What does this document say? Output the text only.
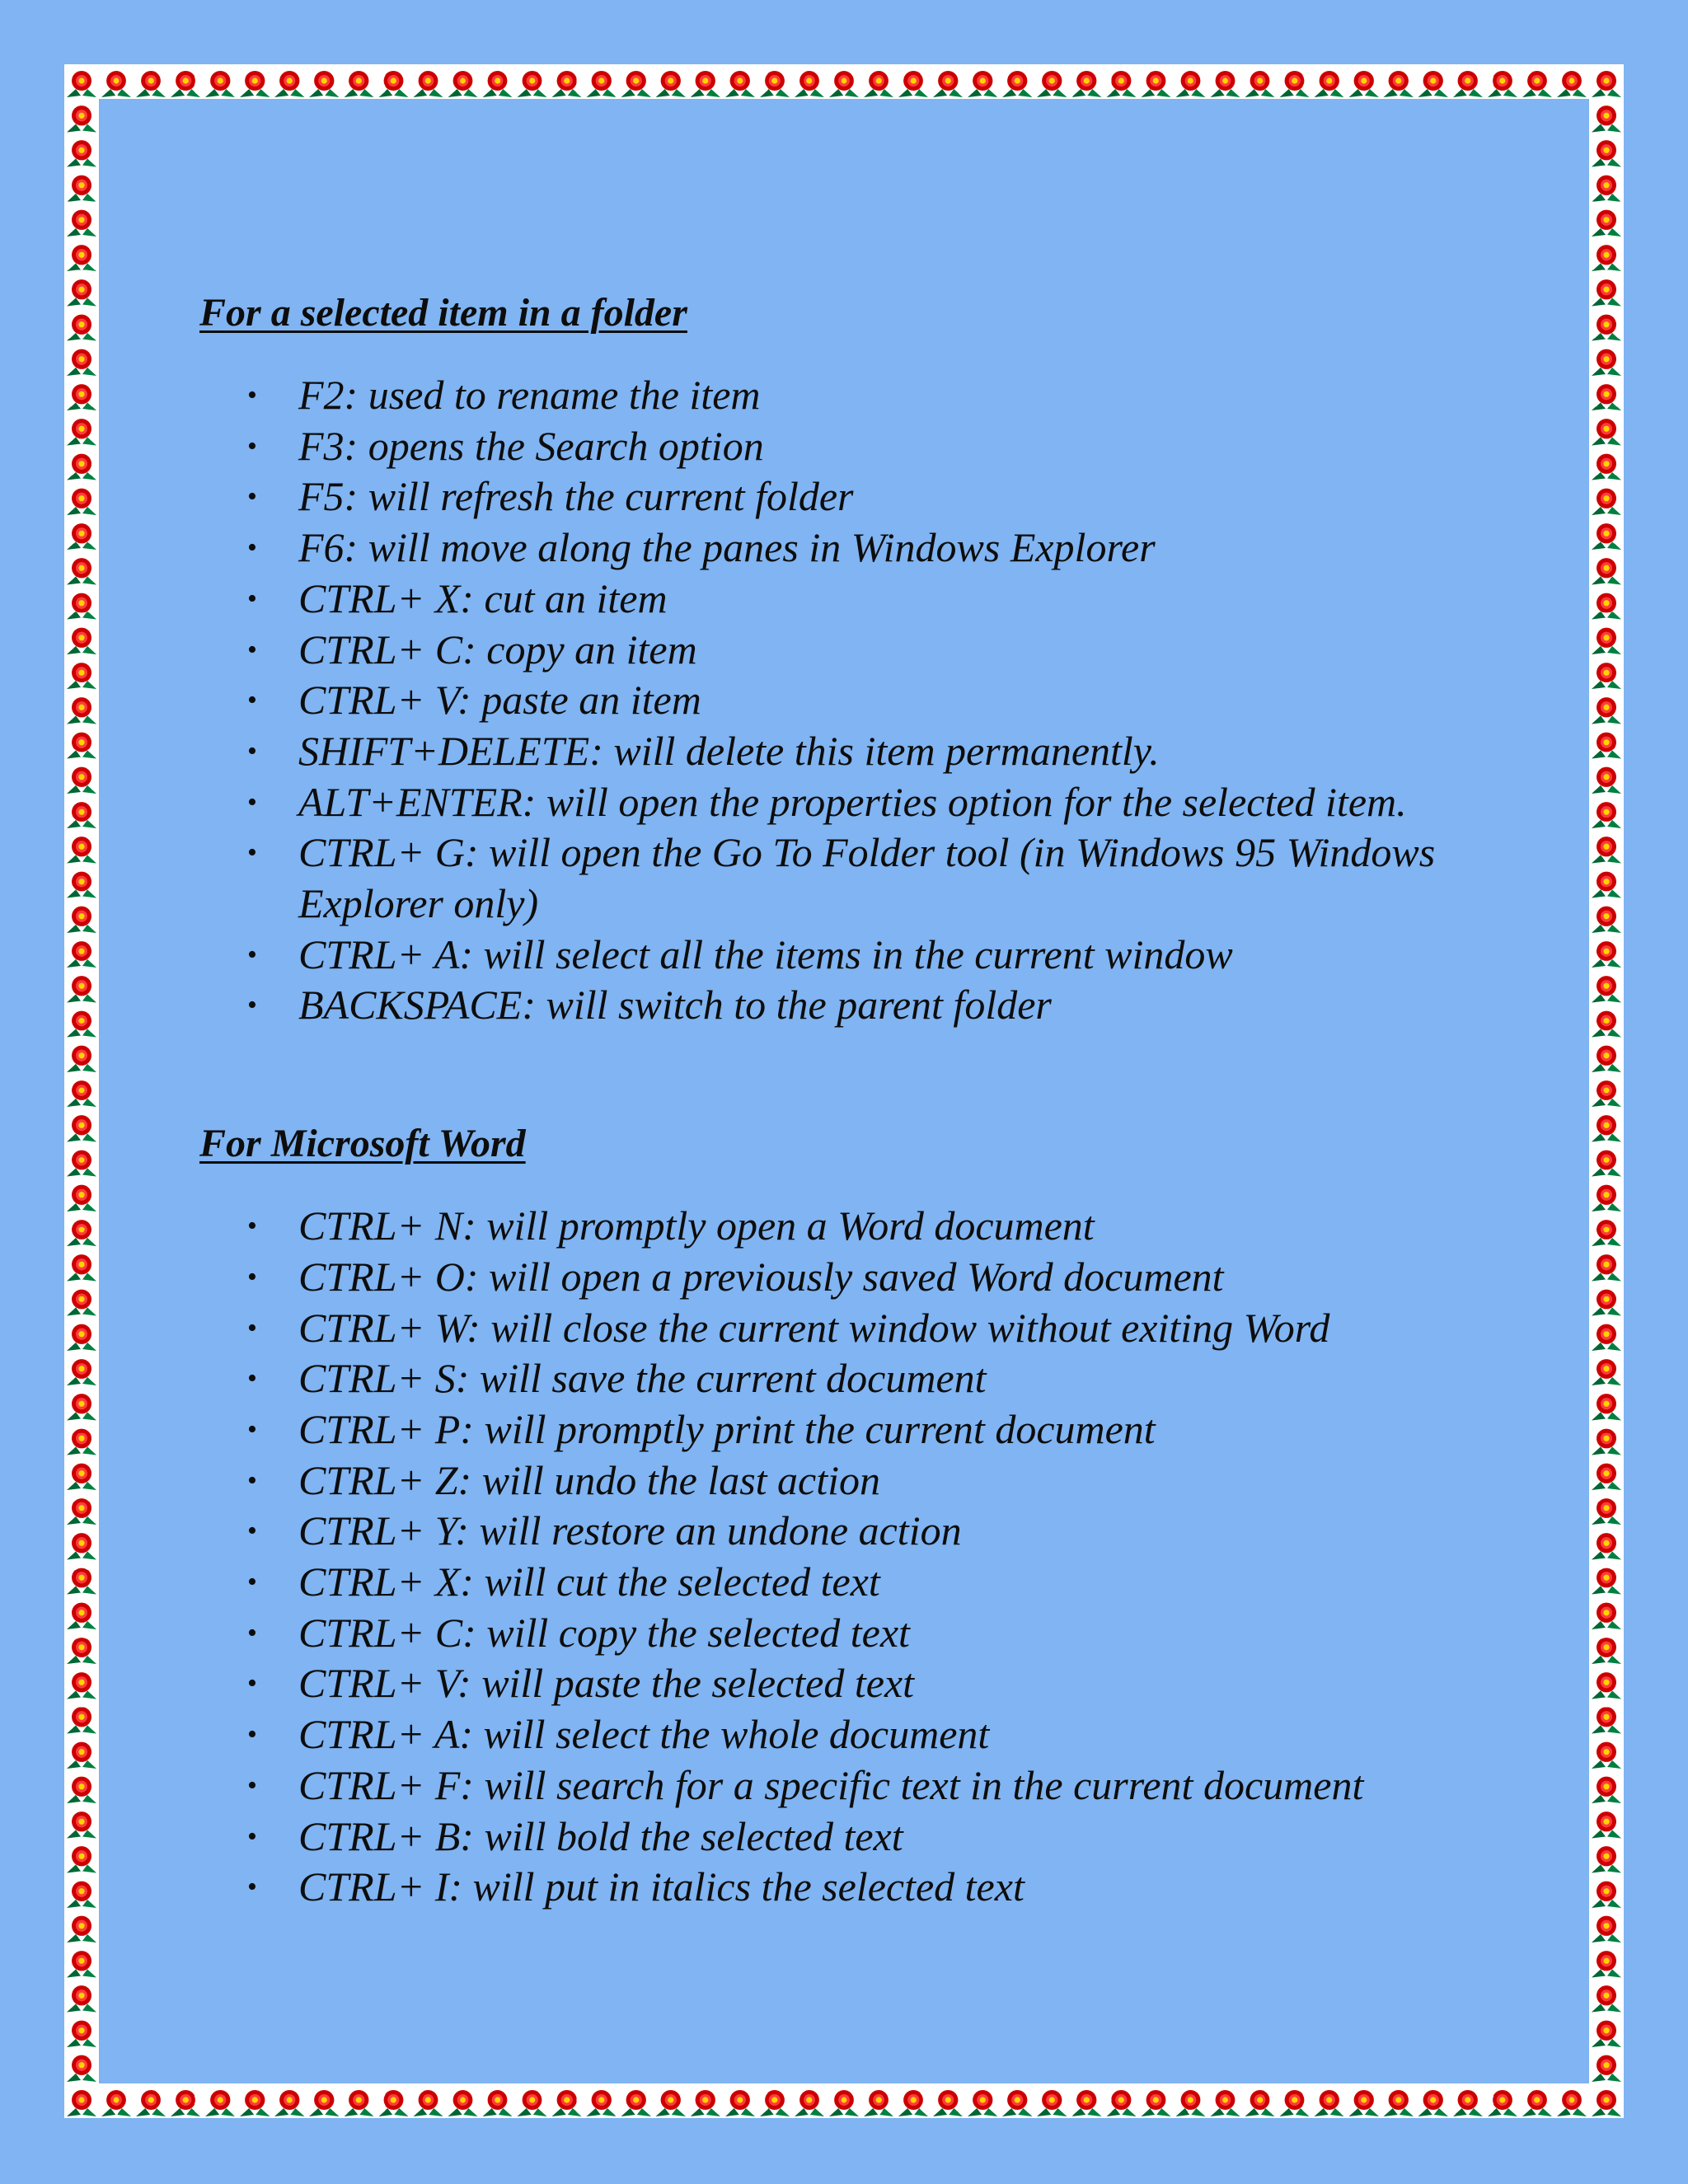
For a selected item in a folder
• F2: used to rename the item
• F3: opens the Search option
• F5: will refresh the current folder
• F6: will move along the panes in Windows Explorer
• CTRL+ X: cut an item
• CTRL+ C: copy an item
• CTRL+ V: paste an item
• SHIFT+DELETE: will delete this item permanently.
• ALT+ENTER: will open the properties option for the selected item.
• CTRL+ G: will open the Go To Folder tool (in Windows 95 Windows Explorer only)
• CTRL+ A: will select all the items in the current window
• BACKSPACE: will switch to the parent folder
For Microsoft Word
• CTRL+ N: will promptly open a Word document
• CTRL+ O: will open a previously saved Word document
• CTRL+ W: will close the current window without exiting Word
• CTRL+ S: will save the current document
• CTRL+ P: will promptly print the current document
• CTRL+ Z: will undo the last action
• CTRL+ Y: will restore an undone action
• CTRL+ X: will cut the selected text
• CTRL+ C: will copy the selected text
• CTRL+ V: will paste the selected text
• CTRL+ A: will select the whole document
• CTRL+ F: will search for a specific text in the current document
• CTRL+ B: will bold the selected text
• CTRL+ I: will put in italics the selected text
